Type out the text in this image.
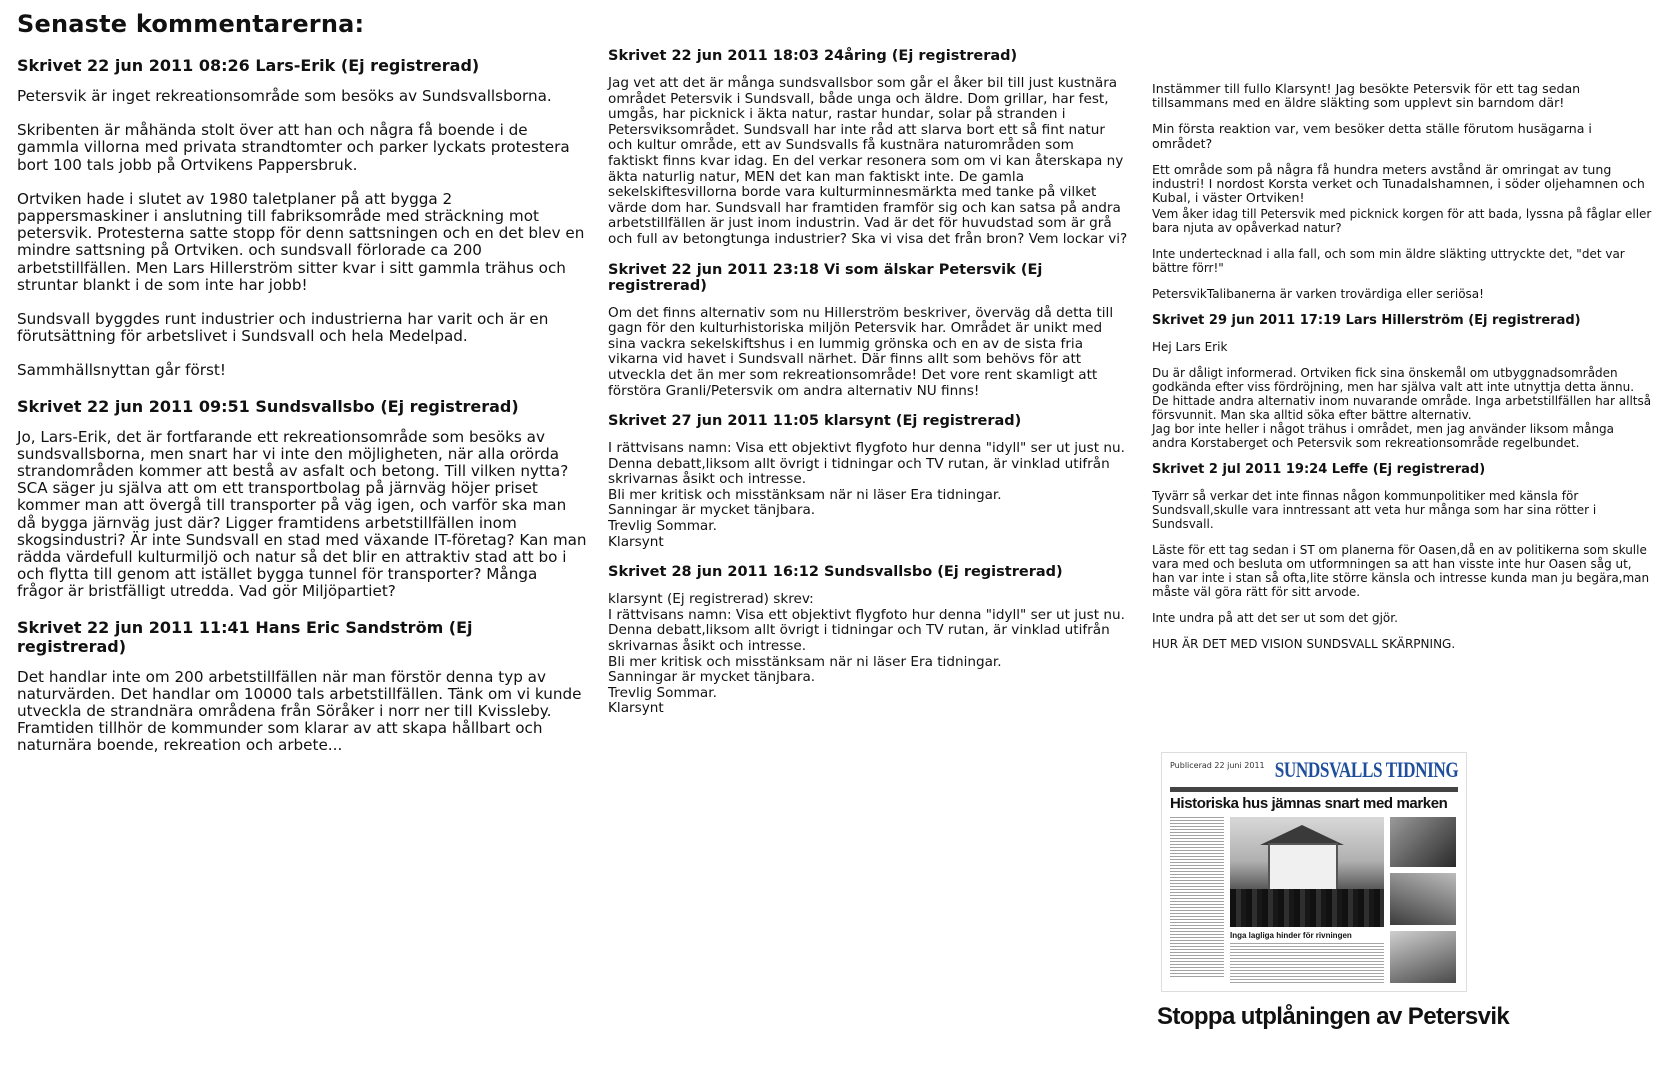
Senaste kommentarerna:
Skrivet 22 jun 2011 08:26 Lars-Erik (Ej registrerad)

Petersvik är inget rekreationsområde som besöks av Sundsvallsborna.

Skribenten är måhända stolt över att han och några få boende i de gammla villorna med privata strandtomter och parker lyckats protestera bort 100 tals jobb på Ortvikens Pappersbruk.

Ortviken hade i slutet av 1980 taletplaner på att bygga 2 pappersmaskiner i anslutning till fabriksområde med sträckning mot petersvik. Protesterna satte stopp för denn sattsningen och en det blev en mindre sattsning på Ortviken. och sundsvall förlorade ca 200 arbetstillfällen. Men Lars Hillerström sitter kvar i sitt gammla trähus och struntar blankt i de som inte har jobb!

Sundsvall byggdes runt industrier och industrierna har varit och är en förutsättning för arbetslivet i Sundsvall och hela Medelpad.

Sammhällsnyttan går först!

Skrivet 22 jun 2011 09:51 Sundsvallsbo (Ej registrerad)

Jo, Lars-Erik, det är fortfarande ett rekreationsområde som besöks av sundsvallsborna, men snart har vi inte den möjligheten, när alla orörda strandområden kommer att bestå av asfalt och betong. Till vilken nytta? SCA säger ju själva att om ett transportbolag på järnväg höjer priset kommer man att övergå till transporter på väg igen, och varför ska man då bygga järnväg just där? Ligger framtidens arbetstillfällen inom skogsindustri? Är inte Sundsvall en stad med växande IT-företag? Kan man rädda värdefull kulturmiljö och natur så det blir en attraktiv stad att bo i och flytta till genom att istället bygga tunnel för transporter? Många frågor är bristfälligt utredda. Vad gör Miljöpartiet?

Skrivet 22 jun 2011 11:41 Hans Eric Sandström (Ej registrerad)

Det handlar inte om 200 arbetstillfällen när man förstör denna typ av naturvärden. Det handlar om 10000 tals arbetstillfällen. Tänk om vi kunde utveckla de strandnära områdena från Söråker i norr ner till Kvissleby. Framtiden tillhör de kommunder som klarar av att skapa hållbart och naturnära boende, rekreation och arbete...

Skrivet 22 jun 2011 18:03 24åring (Ej registrerad)

Jag vet att det är många sundsvallsbor som går el åker bil till just kustnära området Petersvik i Sundsvall, både unga och äldre. Dom grillar, har fest, umgås, har picknick i äkta natur, rastar hundar, solar på stranden i Petersviksområdet. Sundsvall har inte råd att slarva bort ett så fint natur och kultur område, ett av Sundsvalls få kustnära naturområden som faktiskt finns kvar idag. En del verkar resonera som om vi kan återskapa ny äkta naturlig natur, MEN det kan man faktiskt inte. De gamla sekelskiftesvillorna borde vara kulturminnesmärkta med tanke på vilket värde dom har. Sundsvall har framtiden framför sig och kan satsa på andra arbetstillfällen är just inom industrin. Vad är det för huvudstad som är grå och full av betongtunga industrier? Ska vi visa det från bron? Vem lockar vi?

Skrivet 22 jun 2011 23:18 Vi som älskar Petersvik (Ej registrerad)

Om det finns alternativ som nu Hillerström beskriver, överväg då detta till gagn för den kulturhistoriska miljön Petersvik har. Området är unikt med sina vackra sekelskiftshus i en lummig grönska och en av de sista fria vikarna vid havet i Sundsvall närhet. Där finns allt som behövs för att utveckla det än mer som rekreationsområde! Det vore rent skamligt att förstöra Granli/Petersvik om andra alternativ NU finns!

Skrivet 27 jun 2011 11:05 klarsynt (Ej registrerad)

I rättvisans namn: Visa ett objektivt flygfoto hur denna "idyll" ser ut just nu.

Denna debatt,liksom allt övrigt i tidningar och TV rutan, är vinklad utifrån skrivarnas åsikt och intresse.

Bli mer kritisk och misstänksam när ni läser Era tidningar.

Sanningar är mycket tänjbara.

Trevlig Sommar.

Klarsynt

Skrivet 28 jun 2011 16:12 Sundsvallsbo (Ej registrerad)

klarsynt (Ej registrerad) skrev:

I rättvisans namn: Visa ett objektivt flygfoto hur denna "idyll" ser ut just nu.

Denna debatt,liksom allt övrigt i tidningar och TV rutan, är vinklad utifrån skrivarnas åsikt och intresse.

Bli mer kritisk och misstänksam när ni läser Era tidningar.

Sanningar är mycket tänjbara.

Trevlig Sommar.

Klarsynt

Instämmer till fullo Klarsynt! Jag besökte Petersvik för ett tag sedan tillsammans med en äldre släkting som upplevt sin barndom där!

Min första reaktion var, vem besöker detta ställe förutom husägarna i området?

Ett område som på några få hundra meters avstånd är omringat av tung industri! I nordost Korsta verket och Tunadalshamnen, i söder oljehamnen och Kubal, i väster Ortviken!

Vem åker idag till Petersvik med picknick korgen för att bada, lyssna på fåglar eller bara njuta av opåverkad natur?

Inte undertecknad i alla fall, och som min äldre släkting uttryckte det, "det var bättre förr!"

PetersvikTalibanerna är varken trovärdiga eller seriösa!

Skrivet 29 jun 2011 17:19 Lars Hillerström (Ej registrerad)

Hej Lars Erik

Du är dåligt informerad. Ortviken fick sina önskemål om utbyggnadsområden godkända efter viss fördröjning, men har själva valt att inte utnyttja detta ännu.

De hittade andra alternativ inom nuvarande område. Inga arbetstillfällen har alltså försvunnit. Man ska alltid söka efter bättre alternativ.

Jag bor inte heller i något trähus i området, men jag använder liksom många andra Korstaberget och Petersvik som rekreationsområde regelbundet.

Skrivet 2 jul 2011 19:24 Leffe (Ej registrerad)

Tyvärr så verkar det inte finnas någon kommunpolitiker med känsla för Sundsvall,skulle vara inntressant att veta hur många som har sina rötter i Sundsvall.

Läste för ett tag sedan i ST om planerna för Oasen,då en av politikerna som skulle vara med och besluta om utformningen sa att han visste inte hur Oasen såg ut, han var inte i stan så ofta,lite större känsla och intresse kunda man ju begära,man måste väl göra rätt för sitt arvode.

Inte undra på att det ser ut som det gjör.

HUR ÄR DET MED VISION SUNDSVALL SKÄRPNING.

Publicerad 22 juni 2011 SUNDSVALLS TIDNING
Historiska hus jämnas snart med marken
Inga lagliga hinder för rivningen
Stoppa utplåningen av Petersvik
